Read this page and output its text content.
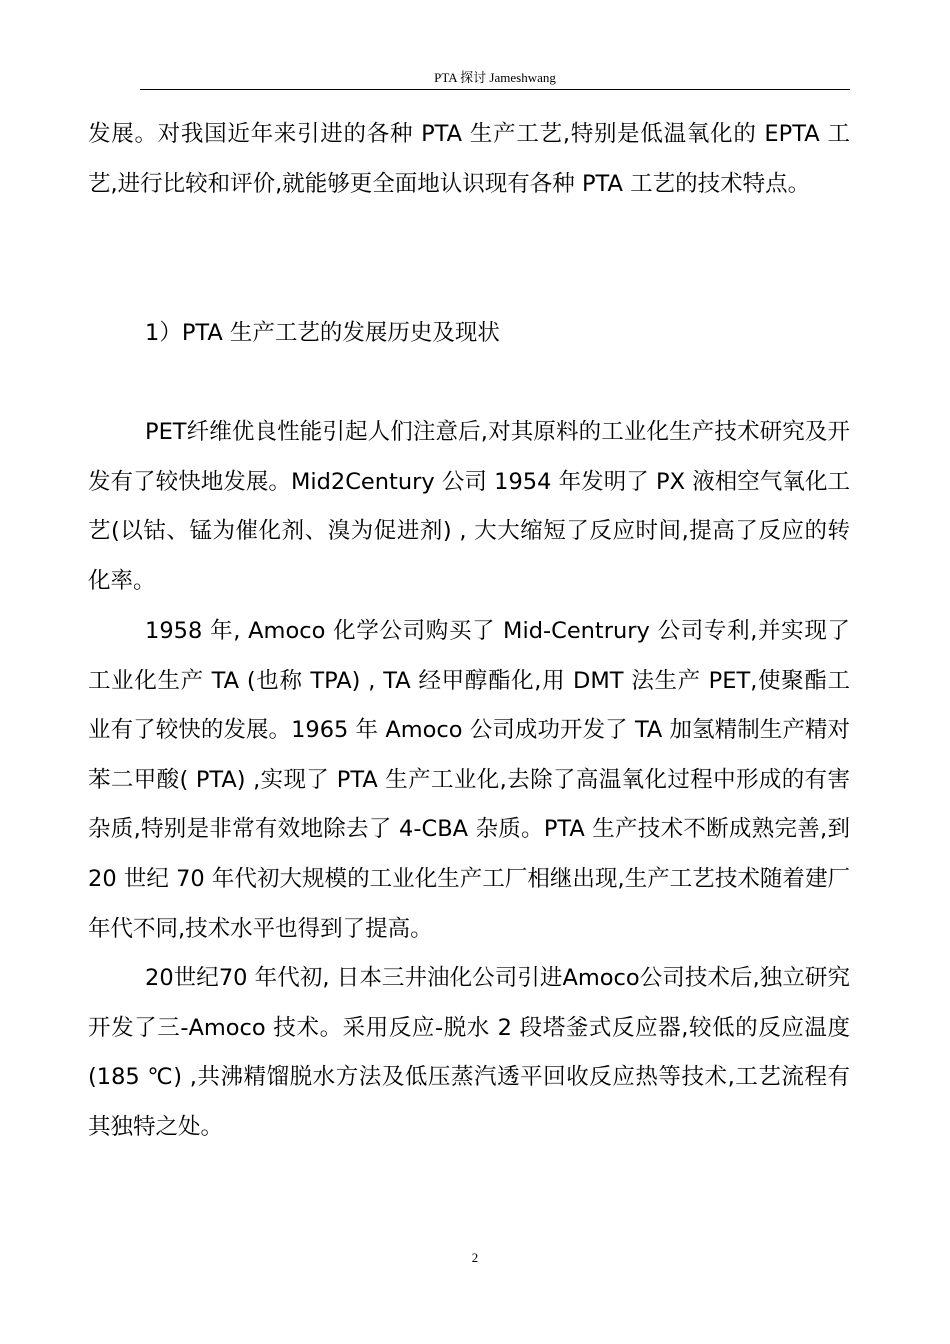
PTA 探讨 Jameshwang

发展。对我国近年来引进的各种 PTA 生产工艺,特别是低温氧化的 EPTA 工艺,进行比较和评价,就能够更全面地认识现有各种 PTA 工艺的技术特点。

1）PTA 生产工艺的发展历史及现状

PET纤维优良性能引起人们注意后,对其原料的工业化生产技术研究及开发有了较快地发展。Mid2Century 公司 1954 年发明了 PX 液相空气氧化工艺(以钴、锰为催化剂、溴为促进剂) , 大大缩短了反应时间,提高了反应的转化率。

1958 年, Amoco 化学公司购买了 Mid-Centrury 公司专利,并实现了工业化生产 TA (也称 TPA) , TA 经甲醇酯化,用 DMT 法生产 PET,使聚酯工业有了较快的发展。1965 年 Amoco 公司成功开发了 TA 加氢精制生产精对苯二甲酸( PTA) ,实现了 PTA 生产工业化,去除了高温氧化过程中形成的有害杂质,特别是非常有效地除去了 4-CBA 杂质。PTA 生产技术不断成熟完善,到 20 世纪 70 年代初大规模的工业化生产工厂相继出现,生产工艺技术随着建厂年代不同,技术水平也得到了提高。

20世纪70 年代初, 日本三井油化公司引进Amoco公司技术后,独立研究开发了三-Amoco 技术。采用反应-脱水 2 段塔釜式反应器,较低的反应温度(185 ℃) ,共沸精馏脱水方法及低压蒸汽透平回收反应热等技术,工艺流程有其独特之处。

2
